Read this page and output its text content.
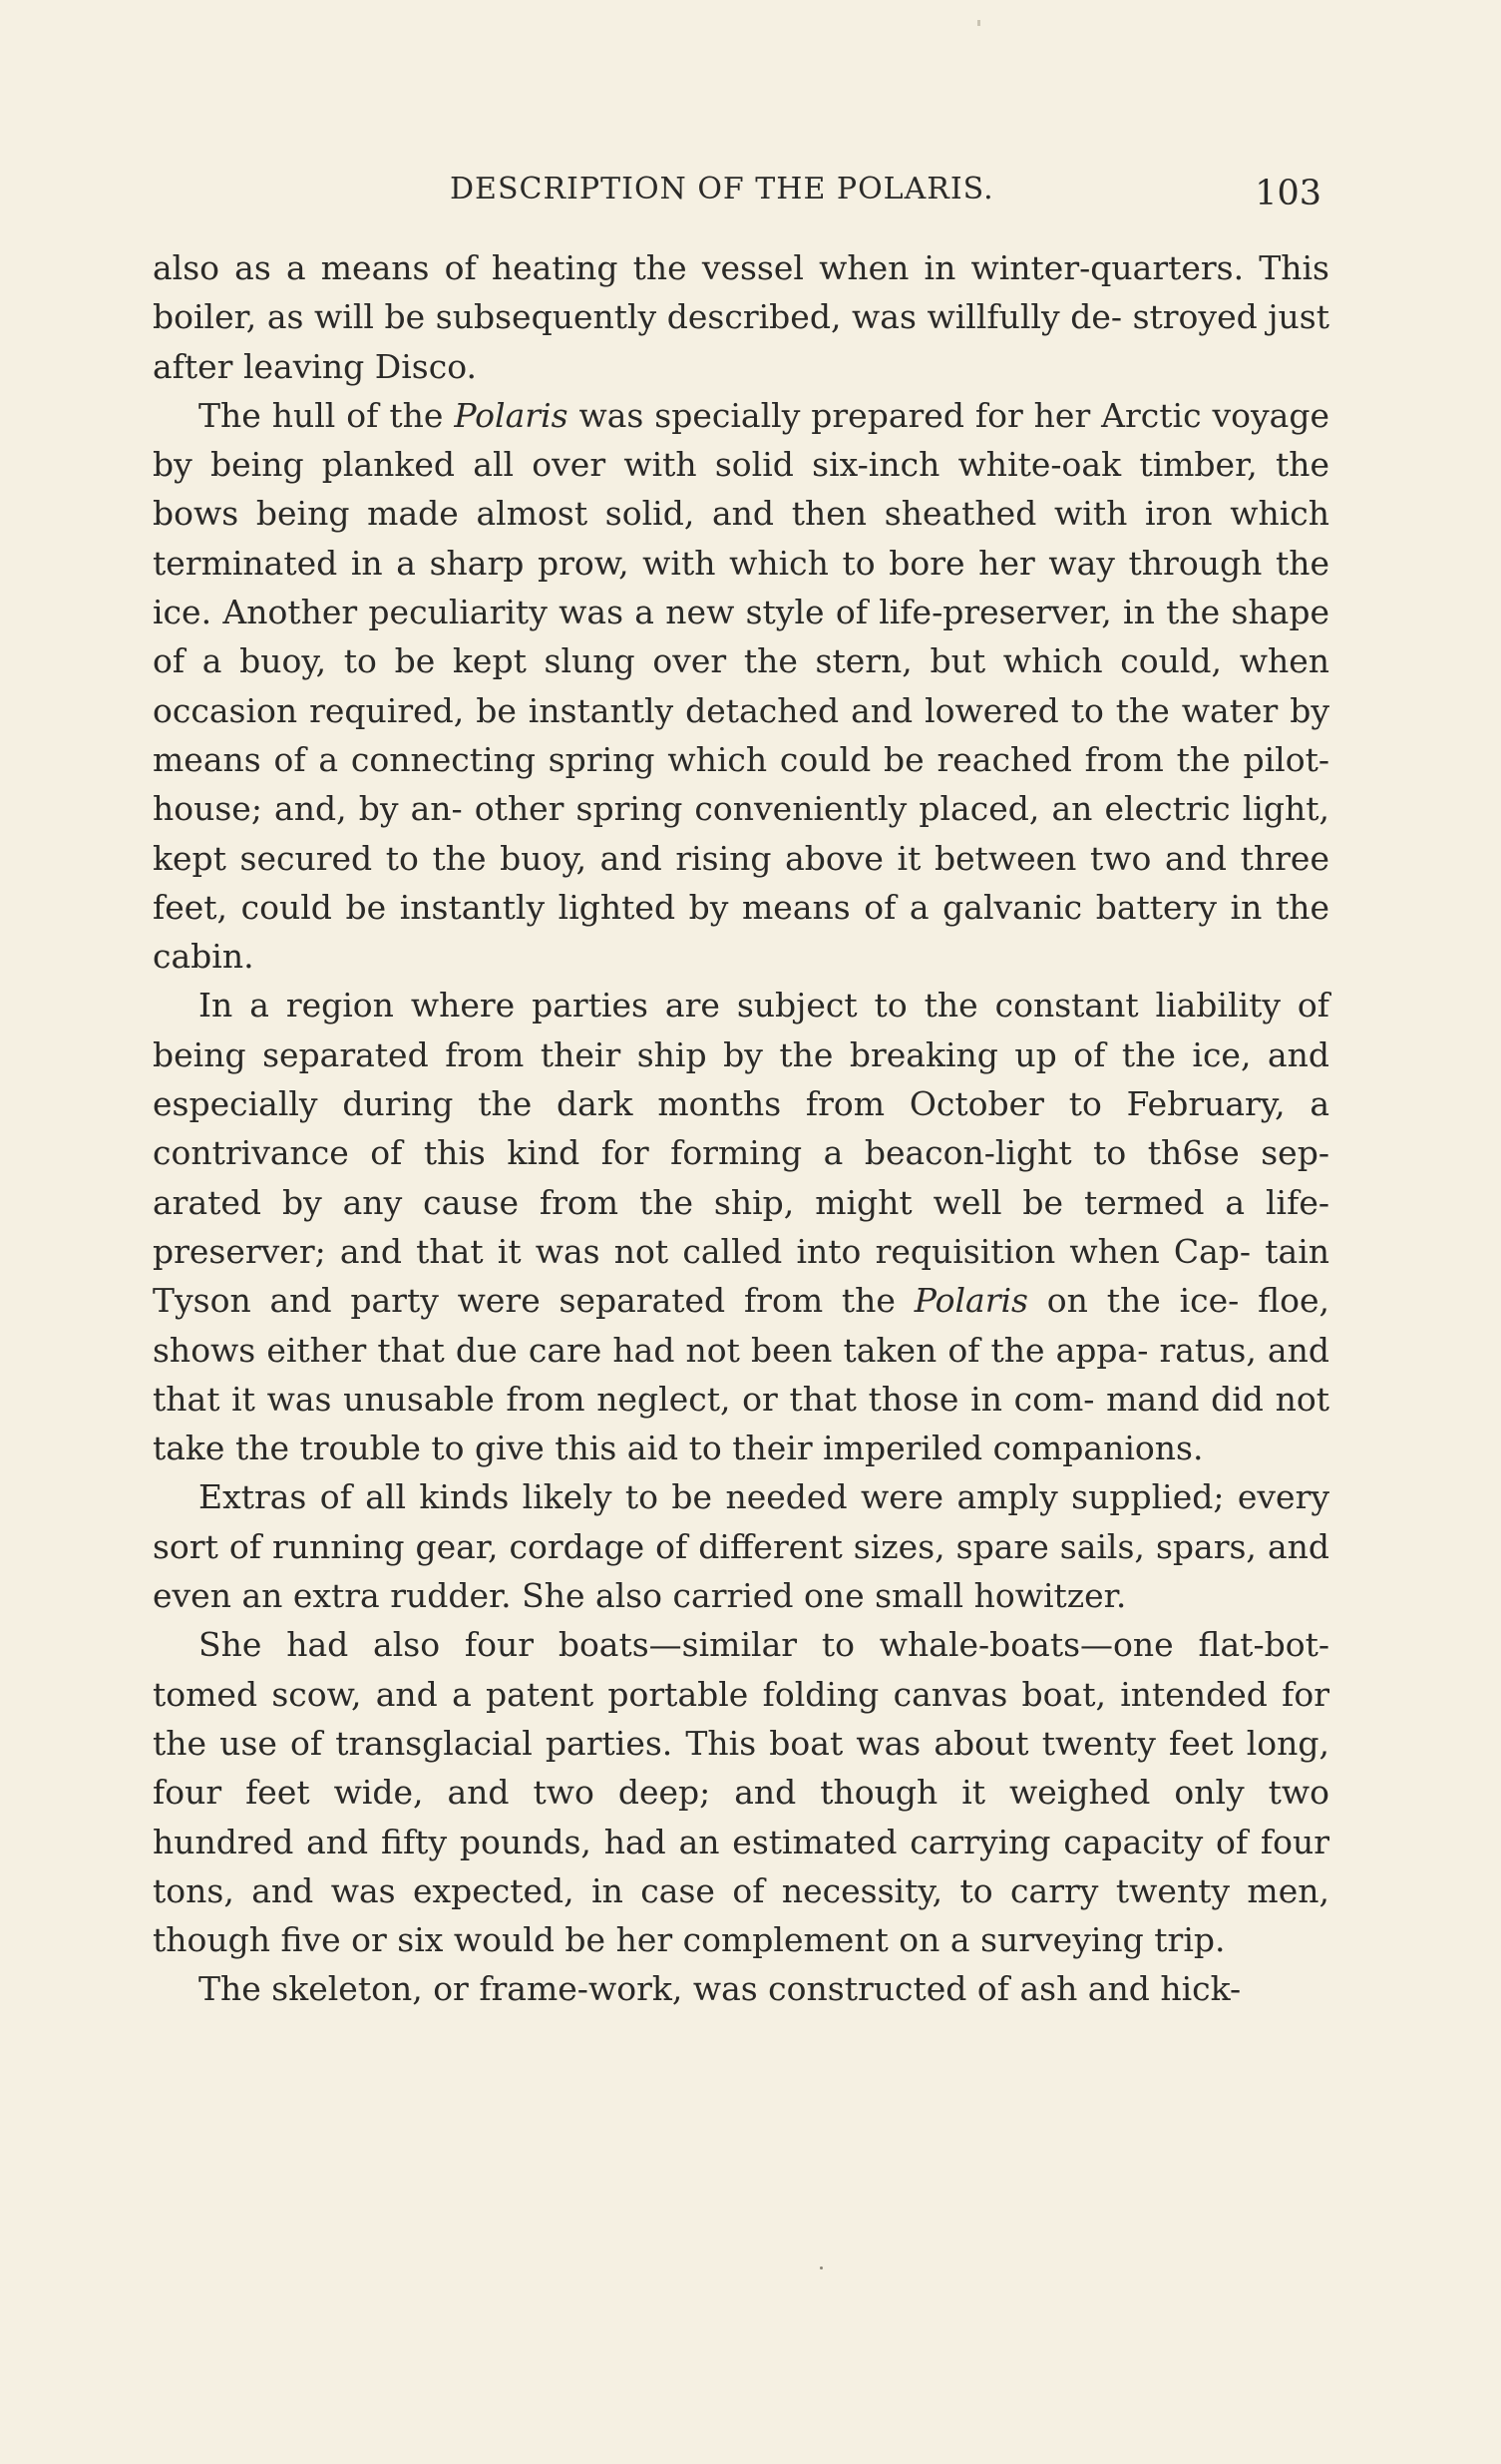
DESCRIPTION OF THE POLARIS.	103

also as a means of heating the vessel when in winter-quarters. This boiler, as will be subsequently described, was willfully de- stroyed just after leaving Disco.

The hull of the Polaris was specially prepared for her Arctic voyage by being planked all over with solid six-inch white-oak timber, the bows being made almost solid, and then sheathed with iron which terminated in a sharp prow, with which to bore her way through the ice. Another peculiarity was a new style of life-preserver, in the shape of a buoy, to be kept slung over the stern, but which could, when occasion required, be instantly detached and lowered to the water by means of a connecting spring which could be reached from the pilot-house; and, by an- other spring conveniently placed, an electric light, kept secured to the buoy, and rising above it between two and three feet, could be instantly lighted by means of a galvanic battery in the cabin.

In a region where parties are subject to the constant liability of being separated from their ship by the breaking up of the ice, and especially during the dark months from October to February, a contrivance of this kind for forming a beacon-light to th6se sep- arated by any cause from the ship, might well be termed a life- preserver; and that it was not called into requisition when Cap- tain Tyson and party were separated from the Polaris on the ice- floe, shows either that due care had not been taken of the appa- ratus, and that it was unusable from neglect, or that those in com- mand did not take the trouble to give this aid to their imperiled companions.

Extras of all kinds likely to be needed were amply supplied; every sort of running gear, cordage of different sizes, spare sails, spars, and even an extra rudder. She also carried one small howitzer.

She had also four boats—similar to whale-boats—one flat-bot- tomed scow, and a patent portable folding canvas boat, intended for the use of transglacial parties. This boat was about twenty feet long, four feet wide, and two deep; and though it weighed only two hundred and fifty pounds, had an estimated carrying capacity of four tons, and was expected, in case of necessity, to carry twenty men, though five or six would be her complement on a surveying trip.

The skeleton, or frame-work, was constructed of ash and hick-
